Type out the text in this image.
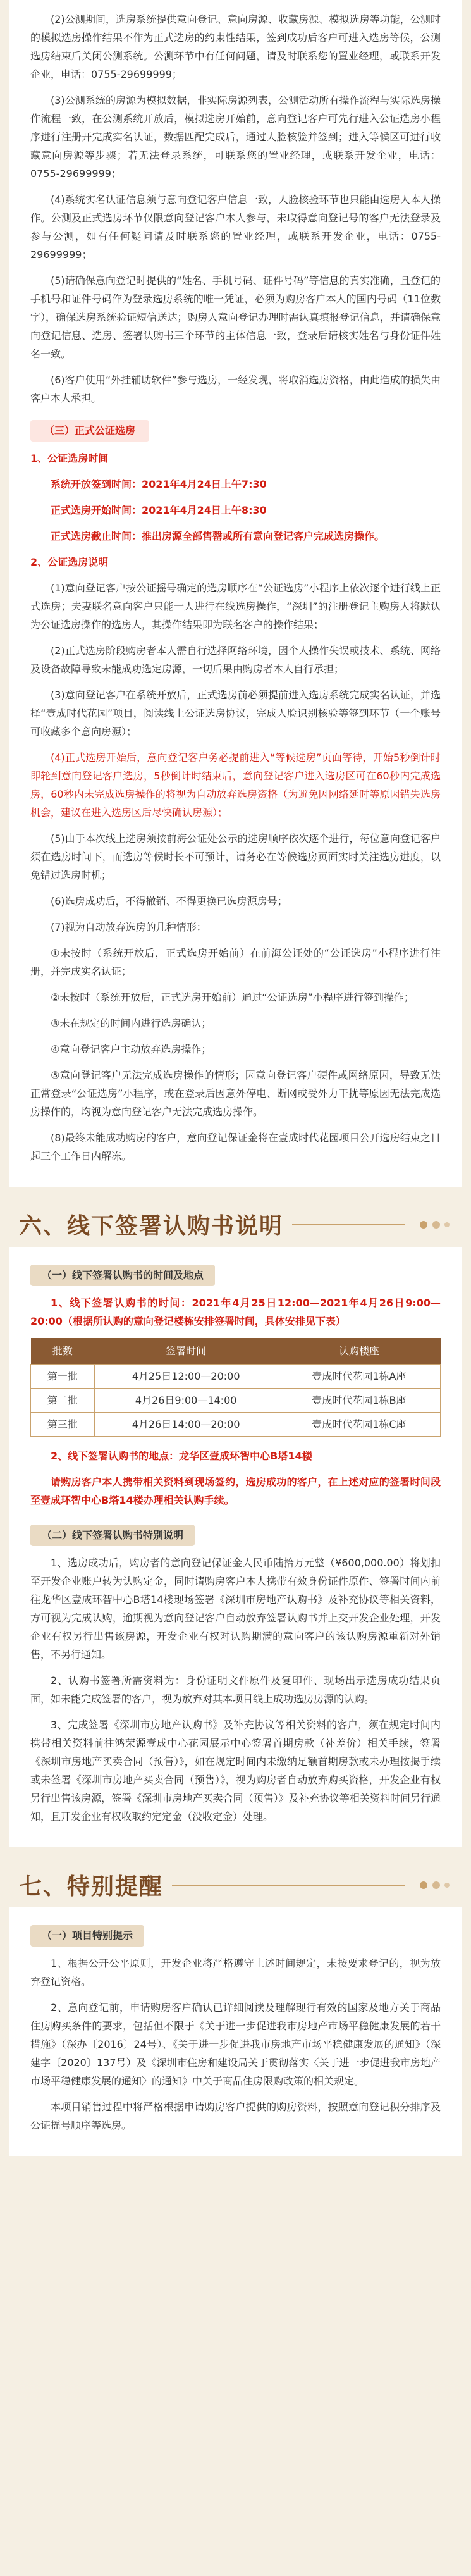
(2)公测期间，选房系统提供意向登记、意向房源、收藏房源、模拟选房等功能，公测时的模拟选房操作结果不作为正式选房的约束性结果，签到成功后客户可进入选房等候，公测选房结束后关闭公测系统。公测环节中有任何问题，请及时联系您的置业经理，或联系开发企业，电话：0755-29699999；

(3)公测系统的房源为模拟数据，非实际房源列表，公测活动所有操作流程与实际选房操作流程一致，在公测系统开放后，模拟选房开始前，意向登记客户可先行进入公证选房小程序进行注册开完成实名认证，数据匹配完成后，通过人脸核验并签到；进入等候区可进行收藏意向房源等步骤；若无法登录系统，可联系您的置业经理，或联系开发企业，电话：0755-29699999；

(4)系统实名认证信息须与意向登记客户信息一致，人脸核验环节也只能由选房人本人操作。公测及正式选房环节仅限意向登记客户本人参与，未取得意向登记号的客户无法登录及参与公测，如有任何疑问请及时联系您的置业经理，或联系开发企业，电话：0755-29699999；

(5)请确保意向登记时提供的“姓名、手机号码、证件号码”等信息的真实准确，且登记的手机号和证件号码作为登录选房系统的唯一凭证，必须为购房客户本人的国内号码（11位数字），确保选房系统验证短信送达；购房人意向登记办理时需认真填报登记信息，并请确保意向登记信息、选房、签署认购书三个环节的主体信息一致，登录后请核实姓名与身份证件姓名一致。

(6)客户使用“外挂辅助软件”参与选房，一经发现，将取消选房资格，由此造成的损失由客户本人承担。

（三）正式公证选房

1、公证选房时间

系统开放签到时间：2021年4月24日上午7:30

正式选房开始时间：2021年4月24日上午8:30

正式选房截止时间：推出房源全部售罄或所有意向登记客户完成选房操作。

2、公证选房说明

(1)意向登记客户按公证摇号确定的选房顺序在“公证选房”小程序上依次逐个进行线上正式选房；夫妻联名意向客户只能一人进行在线选房操作，“深圳”的注册登记主购房人将默认为公证选房操作的选房人，其操作结果即为联名客户的操作结果；

(2)正式选房阶段购房者本人需自行选择网络环境，因个人操作失误或技术、系统、网络及设备故障导致未能成功选定房源，一切后果由购房者本人自行承担；

(3)意向登记客户在系统开放后，正式选房前必须提前进入选房系统完成实名认证，并选择“壹成时代花园”项目，阅读线上公证选房协议，完成人脸识别核验等签到环节（一个账号可收藏多个意向房源）；

(4)正式选房开始后，意向登记客户务必提前进入“等候选房”页面等待，开始5秒倒计时即轮到意向登记客户选房，5秒倒计时结束后，意向登记客户进入选房区可在60秒内完成选房，60秒内未完成选房操作的将视为自动放弃选房资格（为避免因网络延时等原因错失选房机会，建议在进入选房区后尽快确认房源）；

(5)由于本次线上选房须按前海公证处公示的选房顺序依次逐个进行，每位意向登记客户须在选房时间下，而选房等候时长不可预计，请务必在等候选房页面实时关注选房进度，以免错过选房时机；

(6)选房成功后，不得撤销、不得更换已选房源房号；

(7)视为自动放弃选房的几种情形：

①未按时（系统开放后，正式选房开始前）在前海公证处的“公证选房”小程序进行注册，并完成实名认证；

②未按时（系统开放后，正式选房开始前）通过“公证选房”小程序进行签到操作；

③未在规定的时间内进行选房确认；

④意向登记客户主动放弃选房操作；

⑤意向登记客户无法完成选房操作的情形；因意向登记客户硬件或网络原因，导致无法正常登录“公证选房”小程序，或在登录后因意外停电、断网或受外力干扰等原因无法完成选房操作的，均视为意向登记客户无法完成选房操作。

(8)最终未能成功购房的客户，意向登记保证金将在壹成时代花园项目公开选房结束之日起三个工作日内解冻。

六、线下签署认购书说明
（一）线下签署认购书的时间及地点

1、线下签署认购书的时间：2021年4月25日12:00—2021年4月26日9:00—20:00（根据所认购的意向登记楼栋安排签署时间，具体安排见下表）

批数	签署时间	认购楼座
第一批	4月25日12:00—20:00	壹成时代花园1栋A座
第二批	4月26日9:00—14:00	壹成时代花园1栋B座
第三批	4月26日14:00—20:00	壹成时代花园1栋C座

2、线下签署认购书的地点：龙华区壹成环智中心B塔14楼

请购房客户本人携带相关资料到现场签约，选房成功的客户，在上述对应的签署时间段至壹成环智中心B塔14楼办理相关认购手续。

（二）线下签署认购书特别说明

1、选房成功后，购房者的意向登记保证金人民币陆拾万元整（¥600,000.00）将划扣至开发企业账户转为认购定金，同时请购房客户本人携带有效身份证件原件、签署时间内前往龙华区壹成环智中心B塔14楼现场签署《深圳市房地产认购书》及补充协议等相关资料，方可视为完成认购，逾期视为意向登记客户自动放弃签署认购书并上交开发企业处理，开发企业有权另行出售该房源，开发企业有权对认购期满的意向客户的该认购房源重新对外销售，不另行通知。

2、认购书签署所需资料为：身份证明文件原件及复印件、现场出示选房成功结果页面，如未能完成签署的客户，视为放弃对其本项目线上成功选房房源的认购。

3、完成签署《深圳市房地产认购书》及补充协议等相关资料的客户，须在规定时间内携带相关资料前往鸿荣源壹成中心花园展示中心签署首期房款（补差价）相关手续，签署《深圳市房地产买卖合同（预售）》，如在规定时间内未缴纳足额首期房款或未办理按揭手续或未签署《深圳市房地产买卖合同（预售）》，视为购房者自动放弃购买资格，开发企业有权另行出售该房源，签署《深圳市房地产买卖合同（预售）》及补充协议等相关资料时间另行通知，且开发企业有权收取约定定金（没收定金）处理。

七、特别提醒
（一）项目特别提示

1、根据公开公平原则，开发企业将严格遵守上述时间规定，未按要求登记的，视为放弃登记资格。

2、意向登记前，申请购房客户确认已详细阅读及理解现行有效的国家及地方关于商品住房购买条件的要求，包括但不限于《关于进一步促进我市房地产市场平稳健康发展的若干措施》（深办〔2016〕24号）、《关于进一步促进我市房地产市场平稳健康发展的通知》（深建字〔2020〕137号）及《深圳市住房和建设局关于贯彻落实〈关于进一步促进我市房地产市场平稳健康发展的通知〉的通知》中关于商品住房限购政策的相关规定。

本项目销售过程中将严格根据申请购房客户提供的购房资料，按照意向登记积分排序及公证摇号顺序等选房。
